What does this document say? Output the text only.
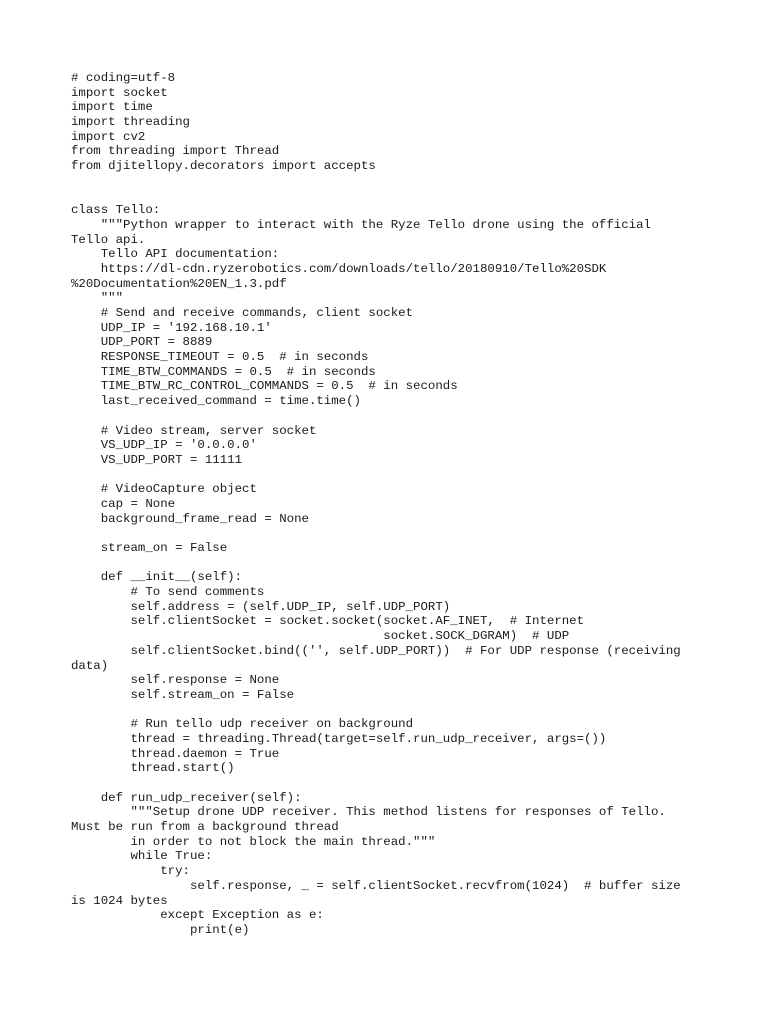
# coding=utf-8
import socket
import time
import threading
import cv2
from threading import Thread
from djitellopy.decorators import accepts
class Tello:
"""Python wrapper to interact with the Ryze Tello drone using the official
Tello api.
Tello API documentation:
https://dl-cdn.ryzerobotics.com/downloads/tello/20180910/Tello%20SDK
%20Documentation%20EN_1.3.pdf
"""
# Send and receive commands, client socket
UDP_IP = '192.168.10.1'
UDP_PORT = 8889
RESPONSE_TIMEOUT = 0.5  # in seconds
TIME_BTW_COMMANDS = 0.5  # in seconds
TIME_BTW_RC_CONTROL_COMMANDS = 0.5  # in seconds
last_received_command = time.time()
# Video stream, server socket
VS_UDP_IP = '0.0.0.0'
VS_UDP_PORT = 11111
# VideoCapture object
cap = None
background_frame_read = None
stream_on = False
def __init__(self):
# To send comments
self.address = (self.UDP_IP, self.UDP_PORT)
self.clientSocket = socket.socket(socket.AF_INET,  # Internet
socket.SOCK_DGRAM)  # UDP
self.clientSocket.bind(('', self.UDP_PORT))  # For UDP response (receiving
data)
self.response = None
self.stream_on = False
# Run tello udp receiver on background
thread = threading.Thread(target=self.run_udp_receiver, args=())
thread.daemon = True
thread.start()
def run_udp_receiver(self):
"""Setup drone UDP receiver. This method listens for responses of Tello.
Must be run from a background thread
in order to not block the main thread."""
while True:
try:
self.response, _ = self.clientSocket.recvfrom(1024)  # buffer size
is 1024 bytes
except Exception as e:
print(e)
